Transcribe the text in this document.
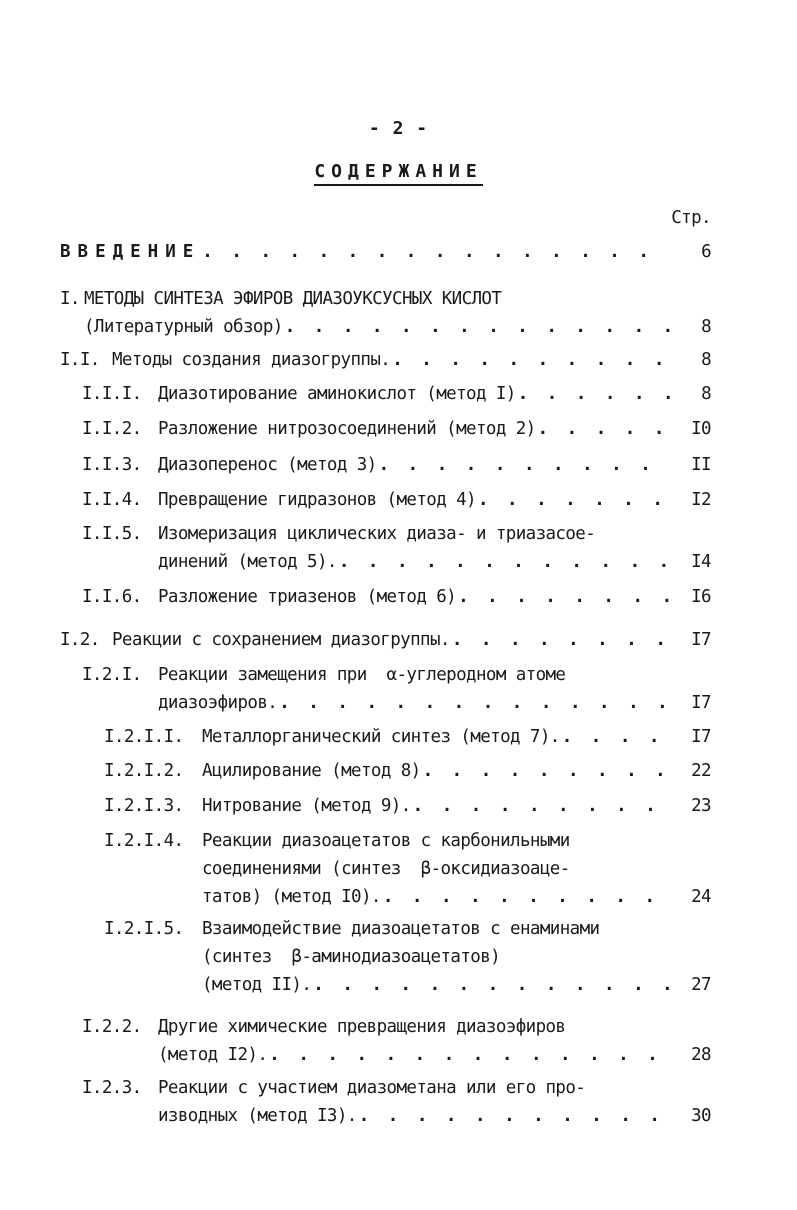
- 2 -
СОДЕРЖАНИЕ
Стр.
ВВЕДЕНИЕ . . .	6
I. МЕТОДЫ СИНТЕЗА ЭФИРОВ ДИАЗОУКСУСНЫХ КИСЛОТ
(Литературный обзор) . . .	8
I.I. Методы создания диазогруппы. . . .	8
I.I.I. Диазотирование аминокислот (метод I) . . .	8
I.I.2. Разложение нитрозосоединений (метод 2) . . .	I0
I.I.3. Диазоперенос (метод 3) . . .	II
I.I.4. Превращение гидразонов (метод 4) . . .	I2
I.I.5. Изомеризация циклических диаза- и триазасое-
динений (метод 5). . . .	I4
I.I.6. Разложение триазенов (метод 6) . . .	I6
I.2. Реакции с сохранением диазогруппы. . . .	I7
I.2.I. Реакции замещения при  α-углеродном атоме
диазоэфиров. . . .	I7
I.2.I.I.	Металлорганический синтез (метод 7). . . .	I7
I.2.I.2.	Ацилирование (метод 8) . . .	22
I.2.I.3.	Нитрование (метод 9). . . .	23
I.2.I.4.	Реакции диазоацетатов с карбонильными
соединениями (синтез  β-оксидиазоаце-
татов) (метод I0). . . .	24
I.2.I.5.	Взаимодействие диазоацетатов с енаминами
(синтез  β-аминодиазоацетатов)
(метод II). . . .	27
I.2.2. Другие химические превращения диазоэфиров
(метод I2). . . .	28
I.2.3. Реакции с участием диазометана или его про-
изводных (метод I3). . . .	30
